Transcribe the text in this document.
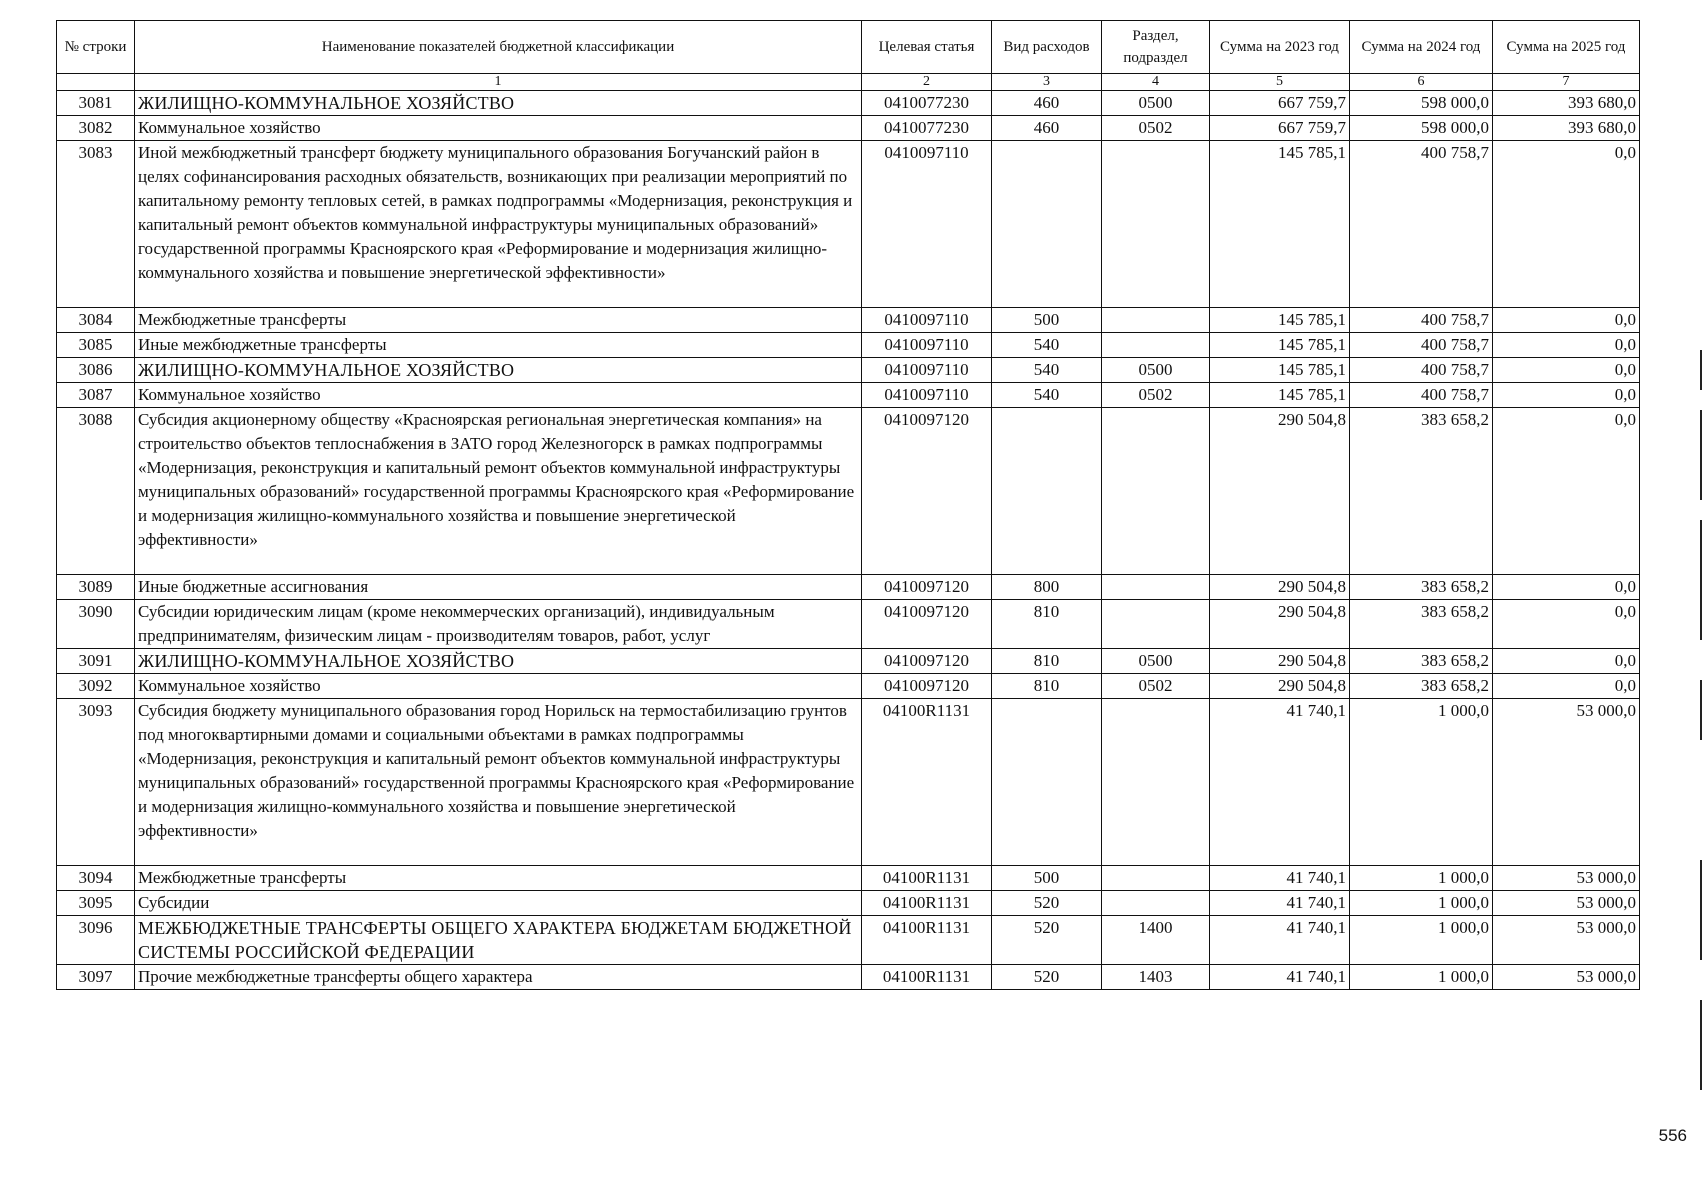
№ строки	Наименование показателей бюджетной классификации	Целевая статья	Вид расходов	Раздел, подраздел	Сумма на 2023 год	Сумма на 2024 год	Сумма на 2025 год
	1	2	3	4	5	6	7
3081	ЖИЛИЩНО-КОММУНАЛЬНОЕ ХОЗЯЙСТВО	0410077230	460	0500	667 759,7	598 000,0	393 680,0
3082	Коммунальное хозяйство	0410077230	460	0502	667 759,7	598 000,0	393 680,0
3083	Иной межбюджетный трансферт бюджету муниципального образования Богучанский район в целях софинансирования расходных обязательств, возникающих при реализации мероприятий по капитальному ремонту тепловых сетей, в рамках подпрограммы «Модернизация, реконструкция и капитальный ремонт объектов коммунальной инфраструктуры муниципальных образований» государственной программы Красноярского края «Реформирование и модернизация жилищно-коммунального хозяйства и повышение энергетической эффективности»	0410097110			145 785,1	400 758,7	0,0
3084	Межбюджетные трансферты	0410097110	500		145 785,1	400 758,7	0,0
3085	Иные межбюджетные трансферты	0410097110	540		145 785,1	400 758,7	0,0
3086	ЖИЛИЩНО-КОММУНАЛЬНОЕ ХОЗЯЙСТВО	0410097110	540	0500	145 785,1	400 758,7	0,0
3087	Коммунальное хозяйство	0410097110	540	0502	145 785,1	400 758,7	0,0
3088	Субсидия акционерному обществу «Красноярская региональная энергетическая компания» на строительство объектов теплоснабжения в ЗАТО город Железногорск в рамках подпрограммы «Модернизация, реконструкция и капитальный ремонт объектов коммунальной инфраструктуры муниципальных образований» государственной программы Красноярского края «Реформирование и модернизация жилищно-коммунального хозяйства и повышение энергетической эффективности»	0410097120			290 504,8	383 658,2	0,0
3089	Иные бюджетные ассигнования	0410097120	800		290 504,8	383 658,2	0,0
3090	Субсидии юридическим лицам (кроме некоммерческих организаций), индивидуальным предпринимателям, физическим лицам - производителям товаров, работ, услуг	0410097120	810		290 504,8	383 658,2	0,0
3091	ЖИЛИЩНО-КОММУНАЛЬНОЕ ХОЗЯЙСТВО	0410097120	810	0500	290 504,8	383 658,2	0,0
3092	Коммунальное хозяйство	0410097120	810	0502	290 504,8	383 658,2	0,0
3093	Субсидия бюджету муниципального образования город Норильск на термостабилизацию грунтов под многоквартирными домами и социальными объектами в рамках подпрограммы «Модернизация, реконструкция и капитальный ремонт объектов коммунальной инфраструктуры муниципальных образований» государственной программы Красноярского края «Реформирование и модернизация жилищно-коммунального хозяйства и повышение энергетической эффективности»	04100R1131			41 740,1	1 000,0	53 000,0
3094	Межбюджетные трансферты	04100R1131	500		41 740,1	1 000,0	53 000,0
3095	Субсидии	04100R1131	520		41 740,1	1 000,0	53 000,0
3096	МЕЖБЮДЖЕТНЫЕ ТРАНСФЕРТЫ ОБЩЕГО ХАРАКТЕРА БЮДЖЕТАМ БЮДЖЕТНОЙ СИСТЕМЫ РОССИЙСКОЙ ФЕДЕРАЦИИ	04100R1131	520	1400	41 740,1	1 000,0	53 000,0
3097	Прочие межбюджетные трансферты общего характера	04100R1131	520	1403	41 740,1	1 000,0	53 000,0
556
